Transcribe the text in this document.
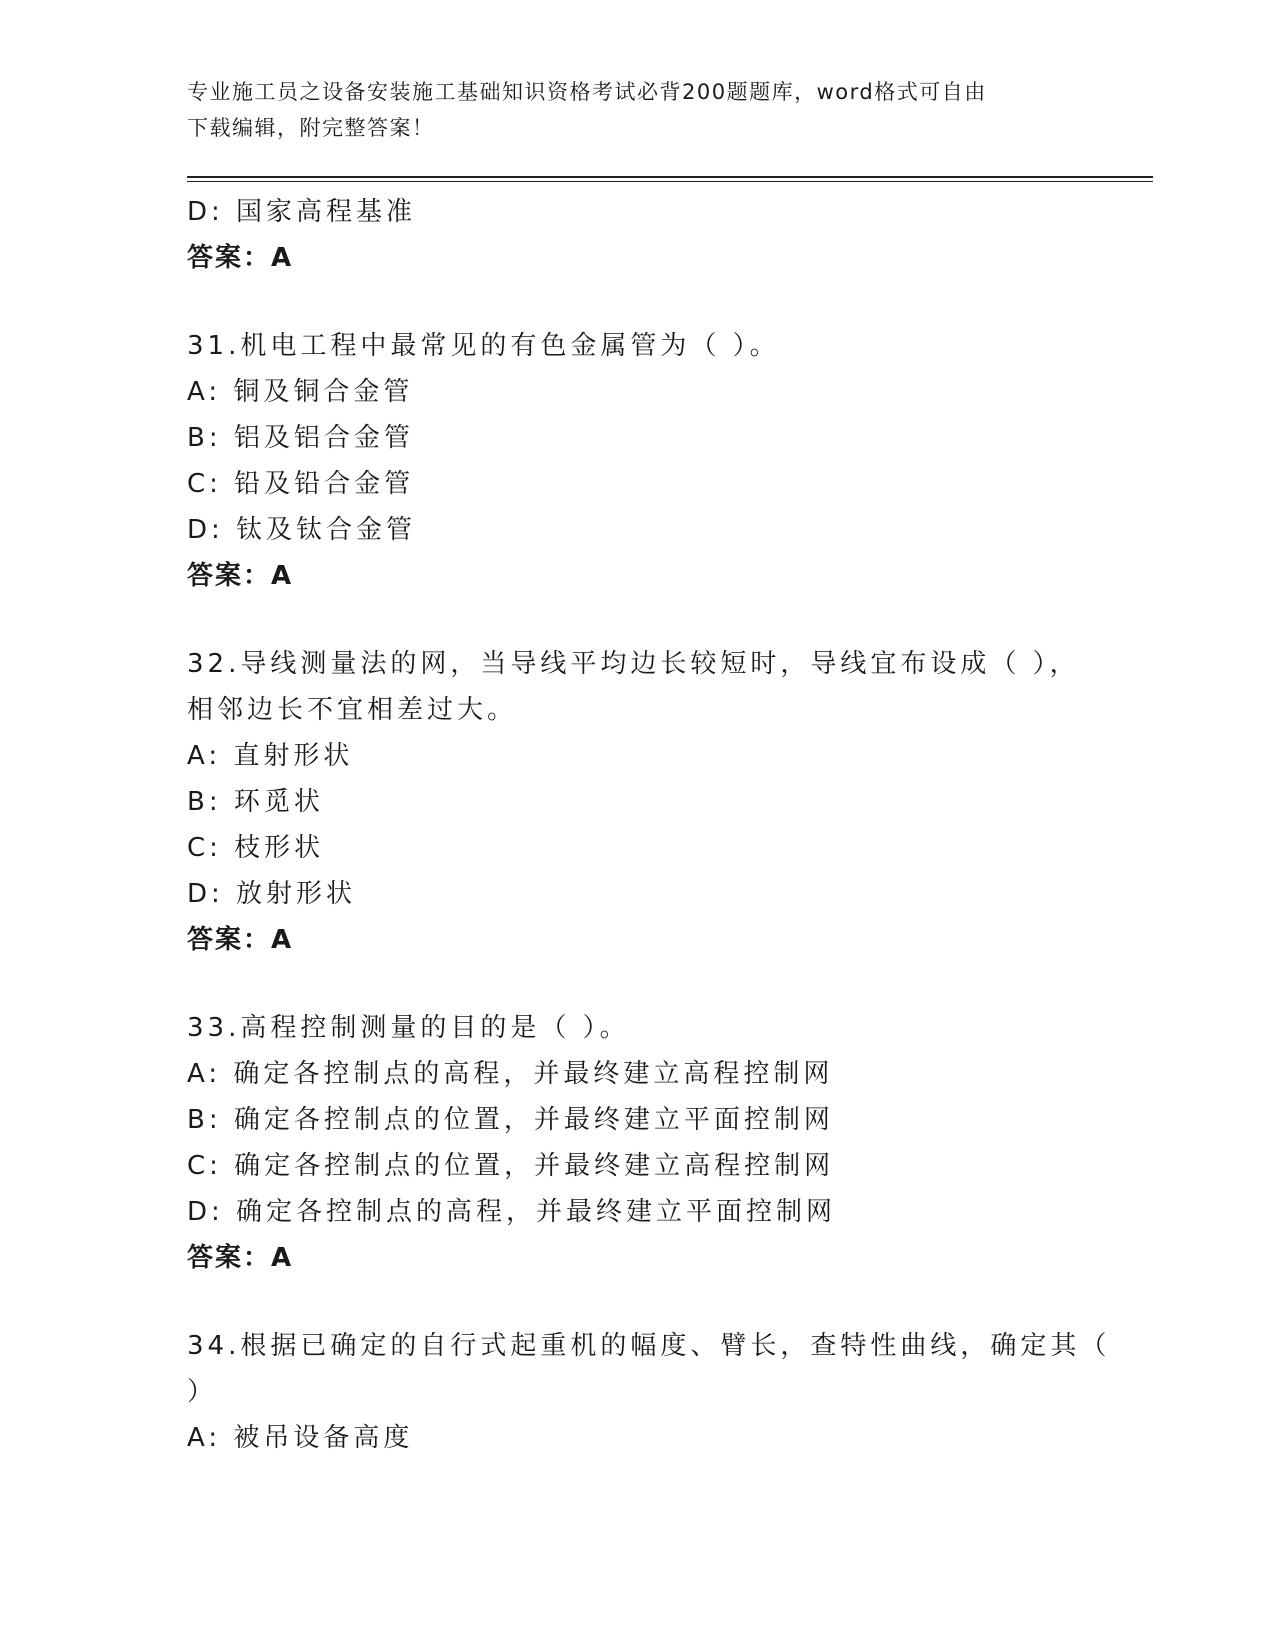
专业施工员之设备安装施工基础知识资格考试必背200题题库，word格式可自由
下载编辑，附完整答案！
D: 国家高程基准
答案：A
31.机电工程中最常见的有色金属管为（ ）。
A: 铜及铜合金管
B: 铝及铝合金管
C: 铅及铅合金管
D: 钛及钛合金管
答案：A
32.导线测量法的网，当导线平均边长较短时，导线宜布设成（ ），
相邻边长不宜相差过大。
A: 直射形状
B: 环觅状
C: 枝形状
D: 放射形状
答案：A
33.高程控制测量的目的是（ ）。
A: 确定各控制点的高程，并最终建立高程控制网
B: 确定各控制点的位置，并最终建立平面控制网
C: 确定各控制点的位置，并最终建立高程控制网
D: 确定各控制点的高程，并最终建立平面控制网
答案：A
34.根据已确定的自行式起重机的幅度、臂长，查特性曲线，确定其（
）
A: 被吊设备高度
